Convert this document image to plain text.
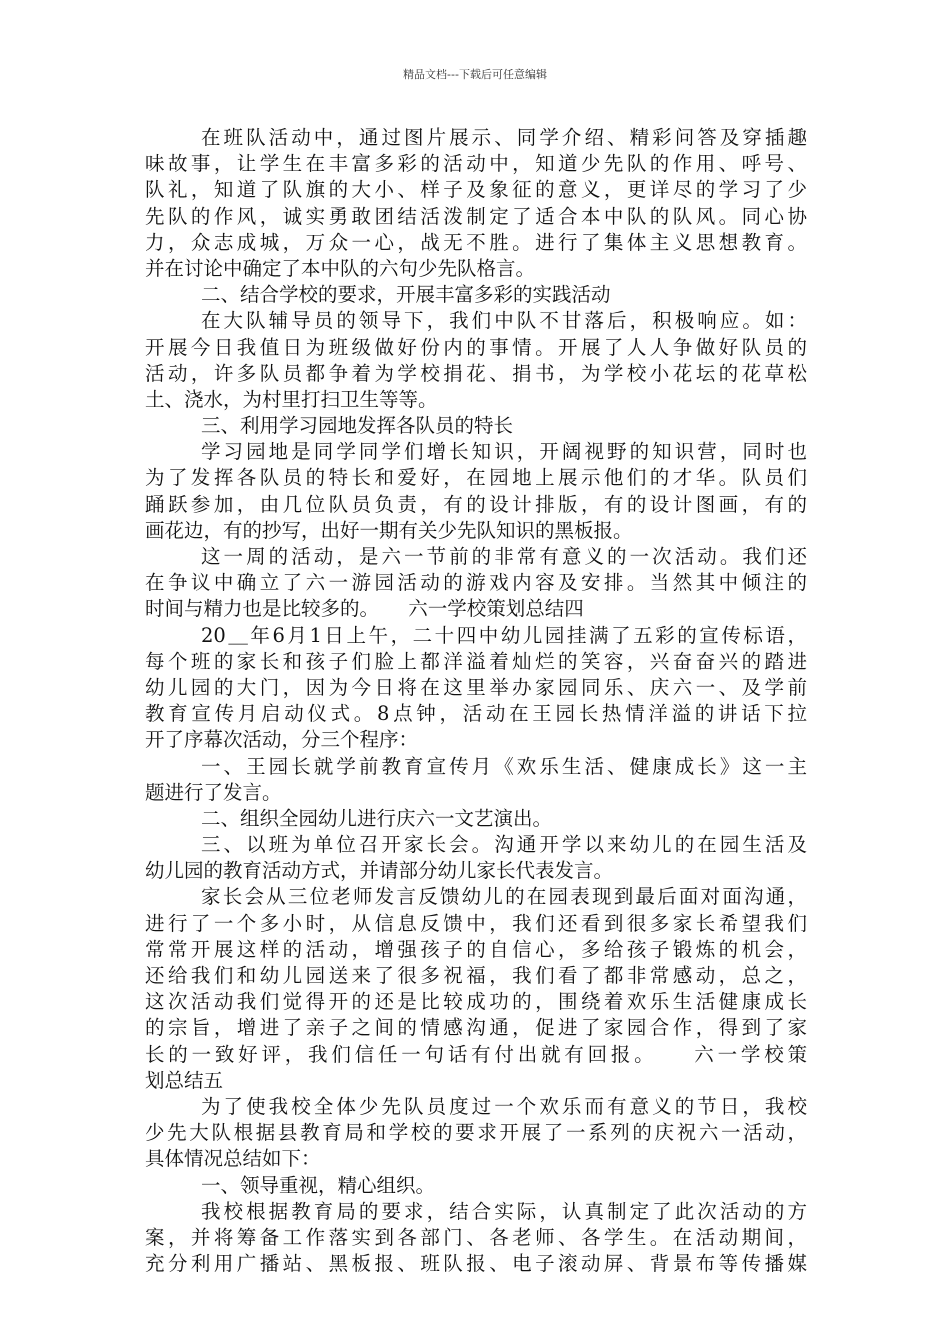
精品文档---下载后可任意编辑
在班队活动中，通过图片展示、同学介绍、精彩问答及穿插趣
味故事，让学生在丰富多彩的活动中，知道少先队的作用、呼号、
队礼，知道了队旗的大小、样子及象征的意义，更详尽的学习了少
先队的作风，诚实勇敢团结活泼制定了适合本中队的队风。同心协
力，众志成城，万众一心，战无不胜。进行了集体主义思想教育。
并在讨论中确定了本中队的六句少先队格言。
二、结合学校的要求，开展丰富多彩的实践活动
在大队辅导员的领导下，我们中队不甘落后，积极响应。如：
开展今日我值日为班级做好份内的事情。开展了人人争做好队员的
活动，许多队员都争着为学校捐花、捐书，为学校小花坛的花草松
土、浇水，为村里打扫卫生等等。
三、利用学习园地发挥各队员的特长
学习园地是同学同学们增长知识，开阔视野的知识营，同时也
为了发挥各队员的特长和爱好，在园地上展示他们的才华。队员们
踊跃参加，由几位队员负责，有的设计排版，有的设计图画，有的
画花边，有的抄写，出好一期有关少先队知识的黑板报。
这一周的活动，是六一节前的非常有意义的一次活动。我们还
在争议中确立了六一游园活动的游戏内容及安排。当然其中倾注的
时间与精力也是比较多的。　　六一学校策划总结四
20＿年6月1日上午，二十四中幼儿园挂满了五彩的宣传标语，
每个班的家长和孩子们脸上都洋溢着灿烂的笑容，兴奋奋兴的踏进
幼儿园的大门，因为今日将在这里举办家园同乐、庆六一、及学前
教育宣传月启动仪式。8点钟，活动在王园长热情洋溢的讲话下拉
开了序幕次活动，分三个程序：
一、王园长就学前教育宣传月《欢乐生活、健康成长》这一主
题进行了发言。
二、组织全园幼儿进行庆六一文艺演出。
三、以班为单位召开家长会。沟通开学以来幼儿的在园生活及
幼儿园的教育活动方式，并请部分幼儿家长代表发言。
家长会从三位老师发言反馈幼儿的在园表现到最后面对面沟通，
进行了一个多小时，从信息反馈中，我们还看到很多家长希望我们
常常开展这样的活动，增强孩子的自信心，多给孩子锻炼的机会，
还给我们和幼儿园送来了很多祝福，我们看了都非常感动，总之，
这次活动我们觉得开的还是比较成功的，围绕着欢乐生活健康成长
的宗旨，增进了亲子之间的情感沟通，促进了家园合作，得到了家
长的一致好评，我们信任一句话有付出就有回报。　　六一学校策
划总结五
为了使我校全体少先队员度过一个欢乐而有意义的节日，我校
少先大队根据县教育局和学校的要求开展了一系列的庆祝六一活动，
具体情况总结如下：
一、领导重视，精心组织。
我校根据教育局的要求，结合实际，认真制定了此次活动的方
案，并将筹备工作落实到各部门、各老师、各学生。在活动期间，
充分利用广播站、黑板报、班队报、电子滚动屏、背景布等传播媒
